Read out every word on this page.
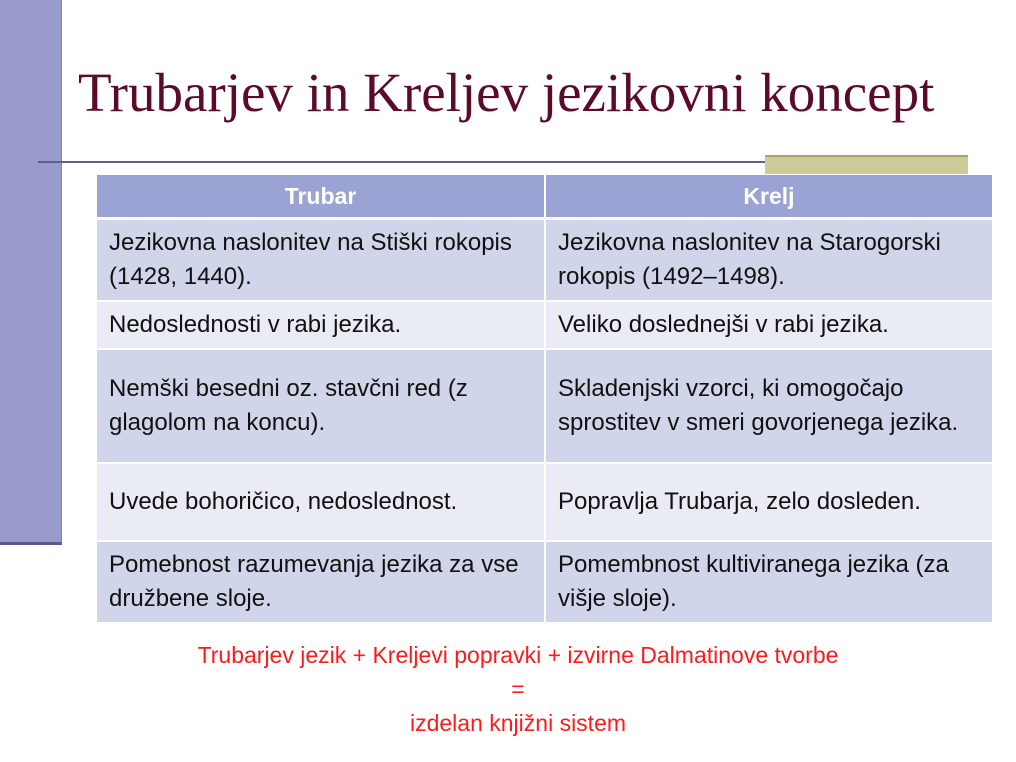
Trubarjev in Kreljev jezikovni koncept
Trubar	Krelj
Jezikovna naslonitev na Stiški rokopis (1428, 1440).	Jezikovna naslonitev na Starogorski rokopis (1492–1498).
Nedoslednosti v rabi jezika.	Veliko doslednejši v rabi jezika.
Nemški besedni oz. stavčni red (z glagolom na koncu).	Skladenjski vzorci, ki omogočajo sprostitev v smeri govorjenega jezika.
Uvede bohoričico, nedoslednost.	Popravlja Trubarja, zelo dosleden.
Pomebnost razumevanja jezika za vse družbene sloje.	Pomembnost kultiviranega jezika (za višje sloje).
Trubarjev jezik + Kreljevi popravki + izvirne Dalmatinove tvorbe
=
izdelan knjižni sistem
